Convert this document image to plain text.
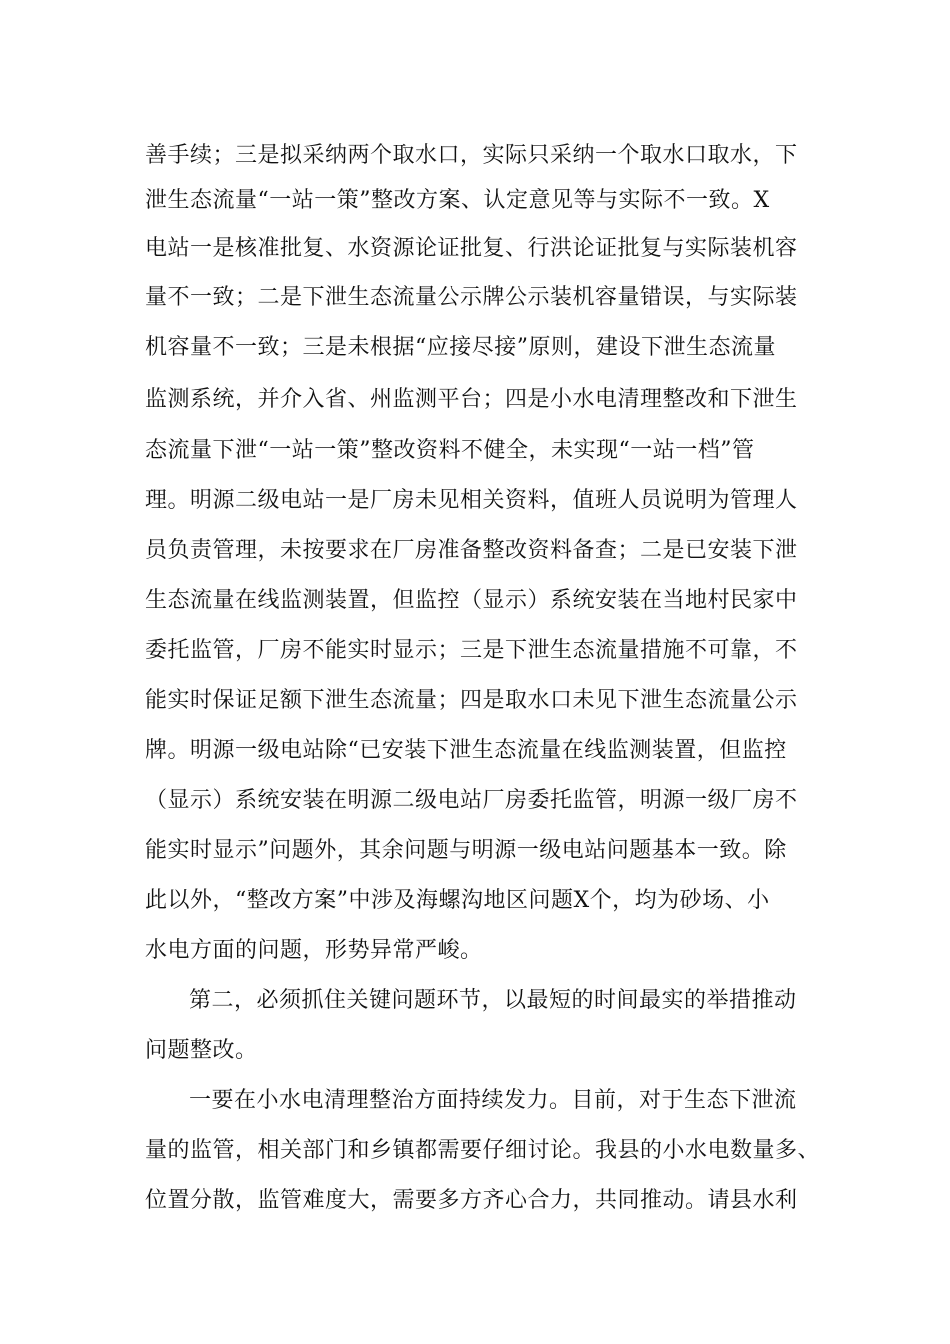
善手续；三是拟采纳两个取水口，实际只采纳一个取水口取水，下
泄生态流量“一站一策”整改方案、认定意见等与实际不一致。X
电站一是核准批复、水资源论证批复、行洪论证批复与实际装机容
量不一致；二是下泄生态流量公示牌公示装机容量错误，与实际装
机容量不一致；三是未根据“应接尽接”原则，建设下泄生态流量
监测系统，并介入省、州监测平台；四是小水电清理整改和下泄生
态流量下泄“一站一策”整改资料不健全，未实现“一站一档”管
理。明源二级电站一是厂房未见相关资料，值班人员说明为管理人
员负责管理，未按要求在厂房准备整改资料备查；二是已安装下泄
生态流量在线监测装置，但监控（显示）系统安装在当地村民家中
委托监管，厂房不能实时显示；三是下泄生态流量措施不可靠，不
能实时保证足额下泄生态流量；四是取水口未见下泄生态流量公示
牌。明源一级电站除“已安装下泄生态流量在线监测装置，但监控
（显示）系统安装在明源二级电站厂房委托监管，明源一级厂房不
能实时显示”问题外，其余问题与明源一级电站问题基本一致。除
此以外，“整改方案”中涉及海螺沟地区问题X个，均为砂场、小
水电方面的问题，形势异常严峻。
第二，必须抓住关键问题环节，以最短的时间最实的举措推动
问题整改。
一要在小水电清理整治方面持续发力。目前，对于生态下泄流
量的监管，相关部门和乡镇都需要仔细讨论。我县的小水电数量多、
位置分散，监管难度大，需要多方齐心合力，共同推动。请县水利
